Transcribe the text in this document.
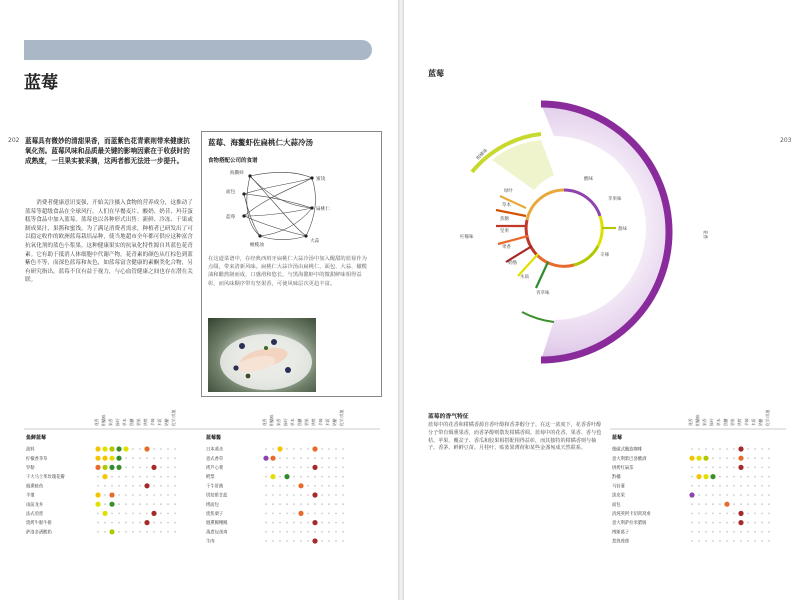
蓝莓
202 蓝莓具有微妙的清甜果香，而蓝紫色花青素则带来健康抗氧化剂。蓝莓风味和品质最关键的影响因素在于收获时的成熟度，一旦果实被采摘，这两者都无法进一步提升。

消费者健康意识变强，开始关注摄入食物的营养成分，这推动了蓝莓等超级食品在全球风行。人们在早餐麦片、酸奶、奶昔、玛芬蛋糕等食品中加入蓝莓。蓝莓也以各种形式出售：新鲜、冷冻、干果或制成果汁、果酱和蜜饯。为了满足消费者需求，种植者已研发出了可以稳定收作的欧洲蓝莓栽培品种，使当地超市全年都可供应这种富含抗氧化剂的蓝色小浆果。这种健康果实的抗氧化特性源自其蓝色花青素。它有助于抵消人体细胞中代谢产物。花青素的颜色从红棕色到蓝紫色不等，而深色蓝莓和灰色，如蓝莓富含健康的素酮类化合物，另有研究指出，蓝莓不仅有益于视力，与心血管健康之间也存在潜在关联。

蓝莓、海鳌虾佐扁桃仁大蒜冷汤
食物搭配公司的食谱
海鳌虾
面包
蓝莓
蜜饯
扁桃仁
大蒜
橄榄油

在这道菜谱中，在经典西班牙扁桃仁大蒜冷汤中加入醒甜的蓝莓作为点缀，带来清新风味。扁桃仁大蒜冷汤由扁桃仁、面包、大蒜、橄榄油和醋熬制而成，口感滑和悠长，与黑海鳌虾中的微甜鲜味相得益彰，而风味顺序带有坚果香，可使风味层次更趋丰富。

鱼鲜蓝莓
花香 柑橘味 果香 绿叶 草本 焦糖 坚果 烘烤 辛辣 木质 奶酪 化学/其他
油料
柠檬香茅草
罗勒
干大马士革玫瑰花瓣
烟熏鲑鱼
羊羹
雨前龙井
法式煎蛋
烧烤牛眼牛排
萨洛多酒酸奶
蓝莓酱
花香 柑橘味 果香 绿叶 草本 焦糖 坚果 烘烤 辛辣 木质 奶酪 化学/其他
日本蒸杀
意式香草
烤芦心菜
鳄梨
干牛肝菌
烘焙紫甘蓝
烤面包
烧焦栗子
烟熏鳗鳍鳗
蒸煮包颈鸡
牛肉
蓝莓
203
花香
柑橘味
柠檬味
绿叶
草本
焦糖
坚果
果香
奶酪
木质
青草味
甜味
酸味
苹果味
辛辣
蓝莓的香气特征

蓝莓中的花香和柑橘香源自香叶醇和香茅醇分子。在这一浓度下，花香香叶醇分子带有烟熏果香，而香茅醇则散发柑橘香调。蓝莓中的花香、果香、香与苞桔、苹果、覆盆子、香瓜和胶果相搭配相得益彰，而其独特的柑橘香则与柚子、香茅、鲜鲜豆苗、月桂叶、贴蓝果薄荷和某些金盏匈成天然联系。

蓝莓
花香 柑橘味 果香 绿叶 草本 焦糖 坚果 烘烤 辛辣 木质 奶酪 化学/其他
细碳式酿造咖啡
意大利紫巴洛酸酒
烘烤红扁茶
黔橘
马铃薯
黑皮果
面包
清炖荚阿卡切窝窝虏
意大利萨拉米腊肠
博斯葛子
煮熟莲莲
